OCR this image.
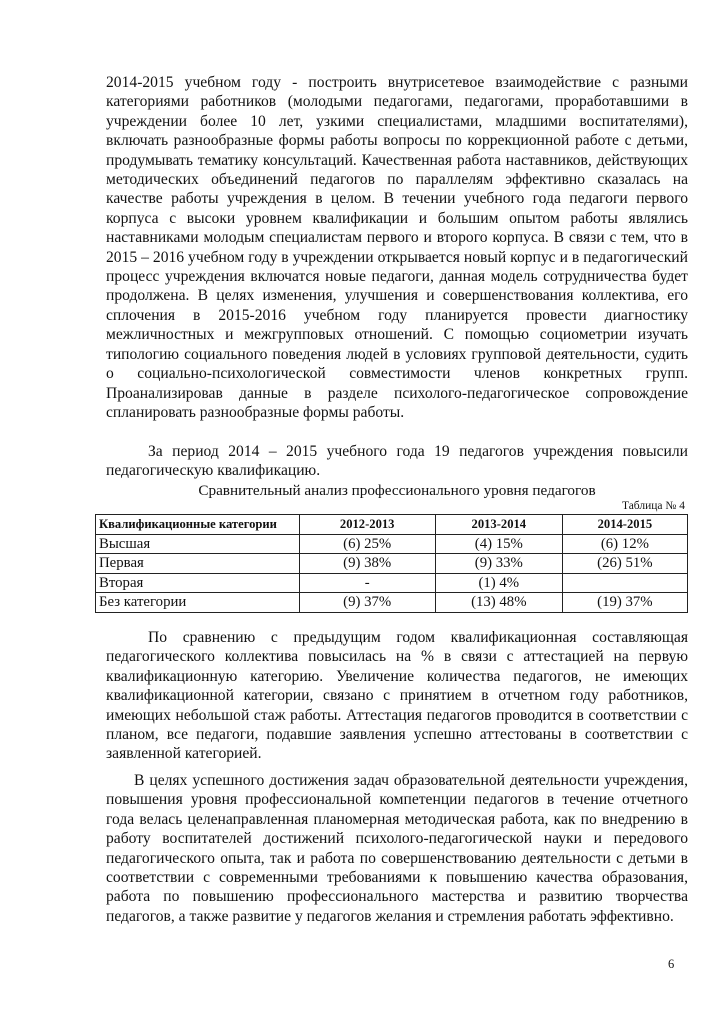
2014-2015 учебном году - построить внутрисетевое взаимодействие с разными категориями работников (молодыми педагогами, педагогами, проработавшими в учреждении более 10 лет, узкими специалистами, младшими воспитателями), включать разнообразные формы работы вопросы по коррекционной работе с детьми, продумывать тематику консультаций. Качественная работа наставников, действующих методических объединений педагогов по параллелям эффективно сказалась на качестве работы учреждения в целом. В течении учебного года педагоги первого корпуса с высоки уровнем квалификации и большим опытом работы являлись наставниками молодым специалистам первого и второго корпуса. В связи с тем, что в 2015 – 2016 учебном году в учреждении открывается новый корпус и в педагогический процесс учреждения включатся новые педагоги, данная модель сотрудничества будет продолжена. В целях изменения, улучшения и совершенствования коллектива, его сплочения в 2015-2016 учебном году планируется провести диагностику межличностных и межгрупповых отношений. С помощью социометрии изучать типологию социального поведения людей в условиях групповой деятельности, судить о социально-психологической совместимости членов конкретных групп. Проанализировав данные в разделе психолого-педагогическое сопровождение спланировать разнообразные формы работы.

За период 2014 – 2015 учебного года 19 педагогов учреждения повысили педагогическую квалификацию.

Сравнительный анализ профессионального уровня педагогов

Таблица № 4

Квалификационные категории	2012-2013	2013-2014	2014-2015
Высшая	(6) 25%	(4) 15%	(6) 12%
Первая	(9) 38%	(9) 33%	(26) 51%
Вторая	-	(1) 4%	
Без категории	(9) 37%	(13) 48%	(19) 37%

По сравнению с предыдущим годом квалификационная составляющая педагогического коллектива повысилась на % в связи с аттестацией на первую квалификационную категорию. Увеличение количества педагогов, не имеющих квалификационной категории, связано с принятием в отчетном году работников, имеющих небольшой стаж работы. Аттестация педагогов проводится в соответствии с планом, все педагоги, подавшие заявления успешно аттестованы в соответствии с заявленной категорией.

В целях успешного достижения задач образовательной деятельности учреждения, повышения уровня профессиональной компетенции педагогов в течение отчетного года велась целенаправленная планомерная методическая работа, как по внедрению в работу воспитателей достижений психолого-педагогической науки и передового педагогического опыта, так и работа по совершенствованию деятельности с детьми в соответствии с современными требованиями к повышению качества образования, работа по повышению профессионального мастерства и развитию творчества педагогов, а также развитие у педагогов желания и стремления работать эффективно.

6
